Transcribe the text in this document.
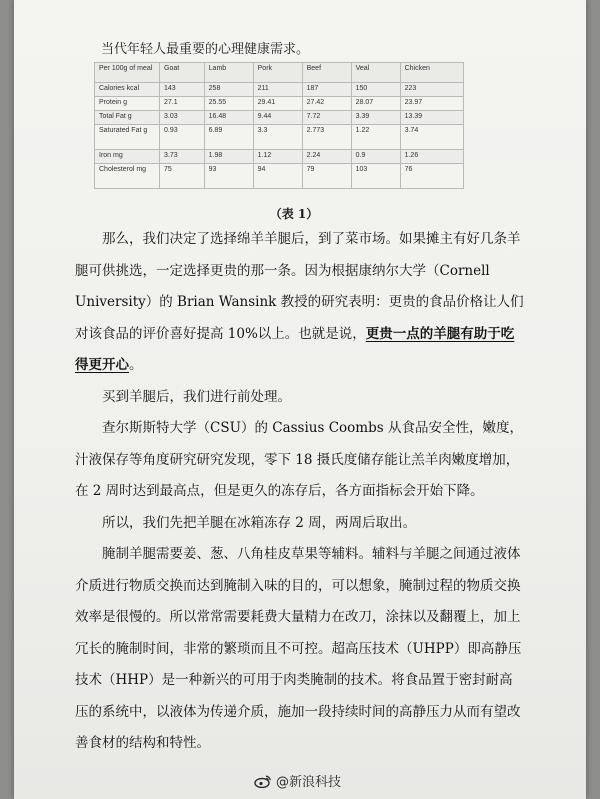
当代年轻人最重要的心理健康需求。
Per 100g of meal	Goat	Lamb	Pork	Beef	Veal	Chicken
Calories kcal	143	258	211	187	150	223
Protein g	27.1	25.55	29.41	27.42	28.07	23.97
Total Fat g	3.03	16.48	9.44	7.72	3.39	13.39
Saturated Fat g	0.93	6.89	3.3	2.773	1.22	3.74
Iron mg	3.73	1.98	1.12	2.24	0.9	1.26
Cholesterol mg	75	93	94	79	103	76
（表 1）

那么，我们决定了选择绵羊羊腿后，到了菜市场。如果摊主有好几条羊腿可供挑选，一定选择更贵的那一条。因为根据康纳尔大学（Cornell University）的 Brian Wansink 教授的研究表明：更贵的食品价格让人们对该食品的评价喜好提高 10%以上。也就是说，更贵一点的羊腿有助于吃得更开心。

买到羊腿后，我们进行前处理。

查尔斯斯特大学（CSU）的 Cassius Coombs 从食品安全性，嫩度，汁液保存等角度研究研究发现，零下 18 摄氏度储存能让羔羊肉嫩度增加，在 2 周时达到最高点，但是更久的冻存后，各方面指标会开始下降。

所以，我们先把羊腿在冰箱冻存 2 周，两周后取出。

腌制羊腿需要姜、葱、八角桂皮草果等辅料。辅料与羊腿之间通过液体介质进行物质交换而达到腌制入味的目的，可以想象，腌制过程的物质交换效率是很慢的。所以常常需要耗费大量精力在改刀，涂抹以及翻覆上，加上冗长的腌制时间，非常的繁琐而且不可控。超高压技术（UHPP）即高静压技术（HHP）是一种新兴的可用于肉类腌制的技术。将食品置于密封耐高压的系统中，以液体为传递介质，施加一段持续时间的高静压力从而有望改善食材的结构和特性。

@新浪科技
